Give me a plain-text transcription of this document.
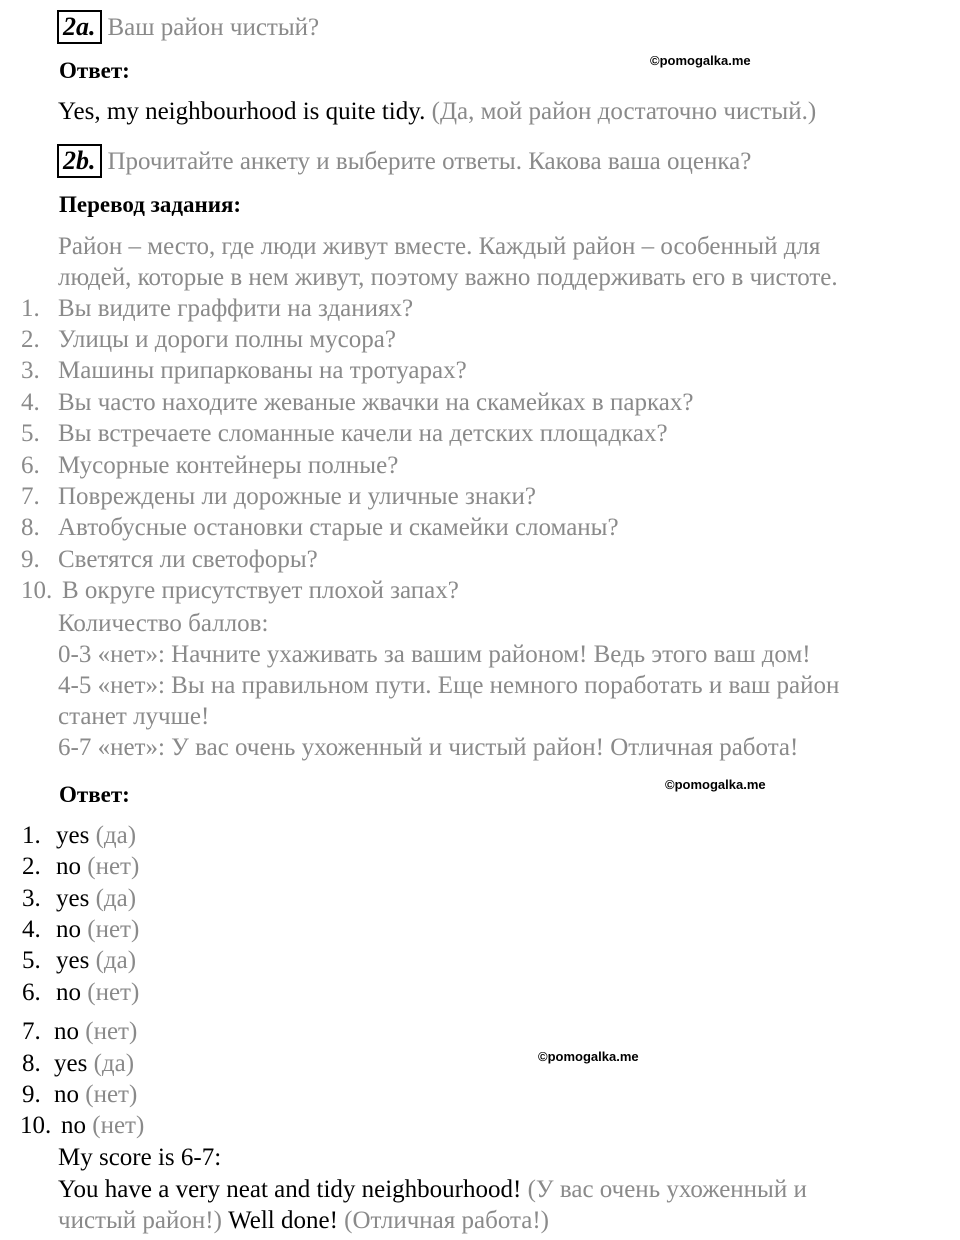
2a. Ваш район чистый?
Ответ:	©pomogalka.me
Yes, my neighbourhood is quite tidy. (Да, мой район достаточно чистый.)
2b. Прочитайте анкету и выберите ответы. Какова ваша оценка?
Перевод задания:
Район – место, где люди живут вместе. Каждый район – особенный для
людей, которые в нем живут, поэтому важно поддерживать его в чистоте.
1. Вы видите граффити на зданиях?
2. Улицы и дороги полны мусора?
3. Машины припаркованы на тротуарах?
4. Вы часто находите жеваные жвачки на скамейках в парках?
5. Вы встречаете сломанные качели на детских площадках?
6. Мусорные контейнеры полные?
7. Повреждены ли дорожные и уличные знаки?
8. Автобусные остановки старые и скамейки сломаны?
9. Светятся ли светофоры?
10. В округе присутствует плохой запах?
Количество баллов:
0-3 «нет»: Начните ухаживать за вашим районом! Ведь этого ваш дом!
4-5 «нет»: Вы на правильном пути. Еще немного поработать и ваш район
станет лучше!
6-7 «нет»: У вас очень ухоженный и чистый район! Отличная работа!
Ответ:	©pomogalka.me
1. yes (да)
2. no (нет)
3. yes (да)
4. no (нет)
5. yes (да)
6. no (нет)
7. no (нет)
8. yes (да)
9. no (нет)
10. no (нет)
©pomogalka.me
My score is 6-7:
You have a very neat and tidy neighbourhood! (У вас очень ухоженный и
чистый район!) Well done! (Отличная работа!)
